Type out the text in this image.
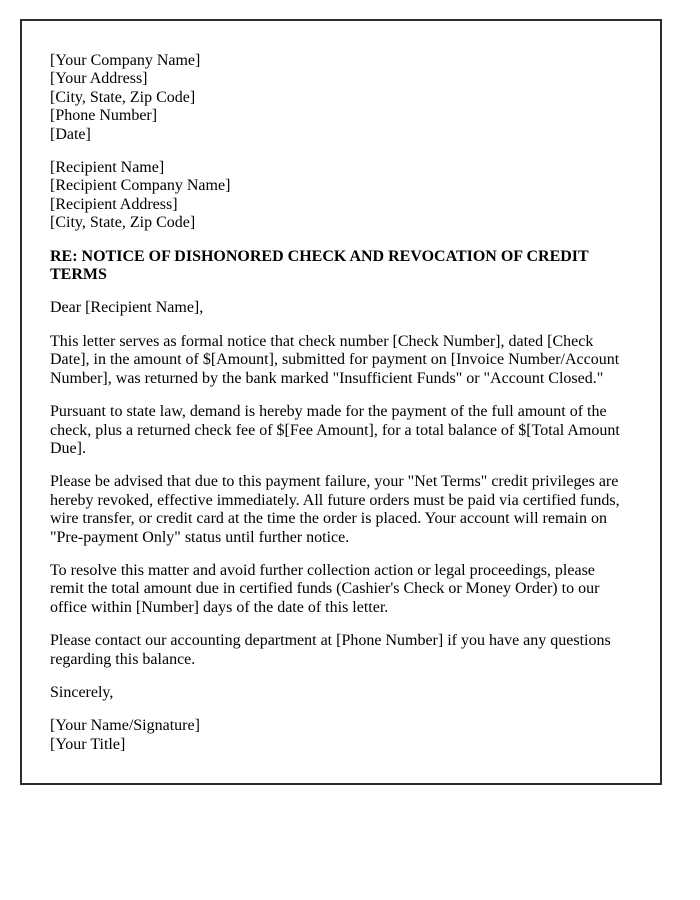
[Your Company Name]
[Your Address]
[City, State, Zip Code]
[Phone Number]
[Date]
[Recipient Name]
[Recipient Company Name]
[Recipient Address]
[City, State, Zip Code]
RE: NOTICE OF DISHONORED CHECK AND REVOCATION OF CREDIT TERMS
Dear [Recipient Name],
This letter serves as formal notice that check number [Check Number], dated [Check Date], in the amount of $[Amount], submitted for payment on [Invoice Number/Account Number], was returned by the bank marked "Insufficient Funds" or "Account Closed."
Pursuant to state law, demand is hereby made for the payment of the full amount of the check, plus a returned check fee of $[Fee Amount], for a total balance of $[Total Amount Due].
Please be advised that due to this payment failure, your "Net Terms" credit privileges are hereby revoked, effective immediately. All future orders must be paid via certified funds, wire transfer, or credit card at the time the order is placed. Your account will remain on "Pre-payment Only" status until further notice.
To resolve this matter and avoid further collection action or legal proceedings, please remit the total amount due in certified funds (Cashier's Check or Money Order) to our office within [Number] days of the date of this letter.
Please contact our accounting department at [Phone Number] if you have any questions regarding this balance.
Sincerely,
[Your Name/Signature]
[Your Title]
